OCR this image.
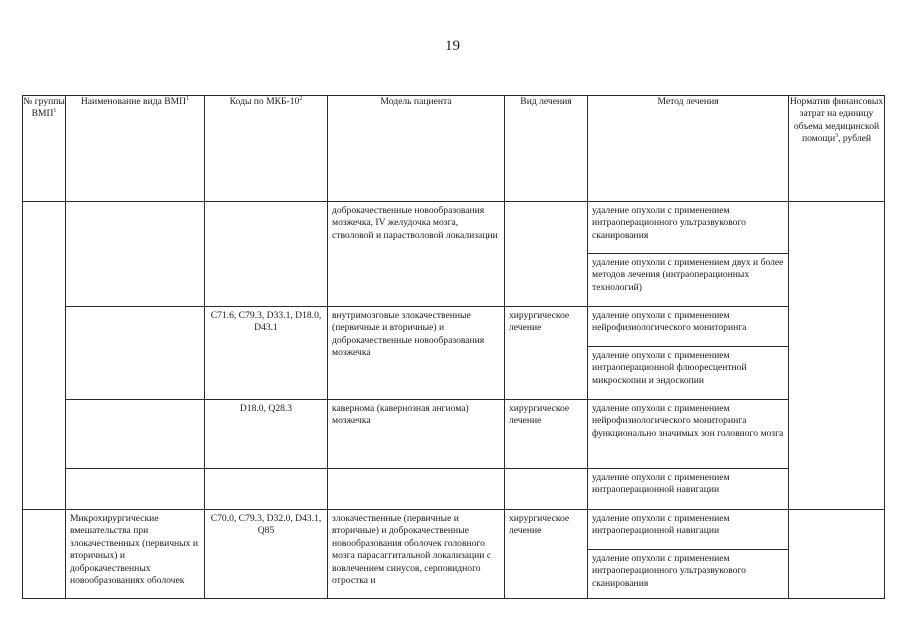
19
№ группы ВМП$^1$	Наименование вида ВМП$^1$	Коды по МКБ-$10^2$	Модель пациента	Вид лечения	Метод лечения	Норматив финансовых затрат на единицу объема медицинской помощи$^3$, рублей

			доброкачественные новообразования мозжечка, IV желудочка мозга, стволовой и парастволовой локализации		удаление опухоли с применением интраоперационного ультразвукового сканирования
удаление опухоли с применением двух и более методов лечения (интраоперационных технологий)	

		C71.6, C79.3, D33.1, D18.0, D43.1	внутримозговые злокачественные (первичные и вторичные) и доброкачественные новообразования мозжечка	хирургическое лечение	удаление опухоли с применением нейрофизиологического мониторинга
удаление опухоли с применением интраоперационной флюоресцентной микроскопии и эндоскопии	

		D18.0, Q28.3	кавернома (кавернозная ангиома) мозжечка	хирургическое лечение	удаление опухоли с применением нейрофизиологического мониторинга функционально значимых зон головного мозга	

					удаление опухоли с применением интраоперационной навигации	

	Микрохирургические вмешательства при злокачественных (первичных и вторичных) и доброкачественных новообразованиях оболочек	C70.0, C79.3, D32.0, D43.1, Q85	злокачественные (первичные и вторичные) и доброкачественные новообразования оболочек головного мозга парасаггитальной локализации с вовлечением синусов, серповидного отростка и	хирургическое лечение	удаление опухоли с применением интраоперационной навигации
удаление опухоли с применением интраоперационного ультразвукового сканирования	
